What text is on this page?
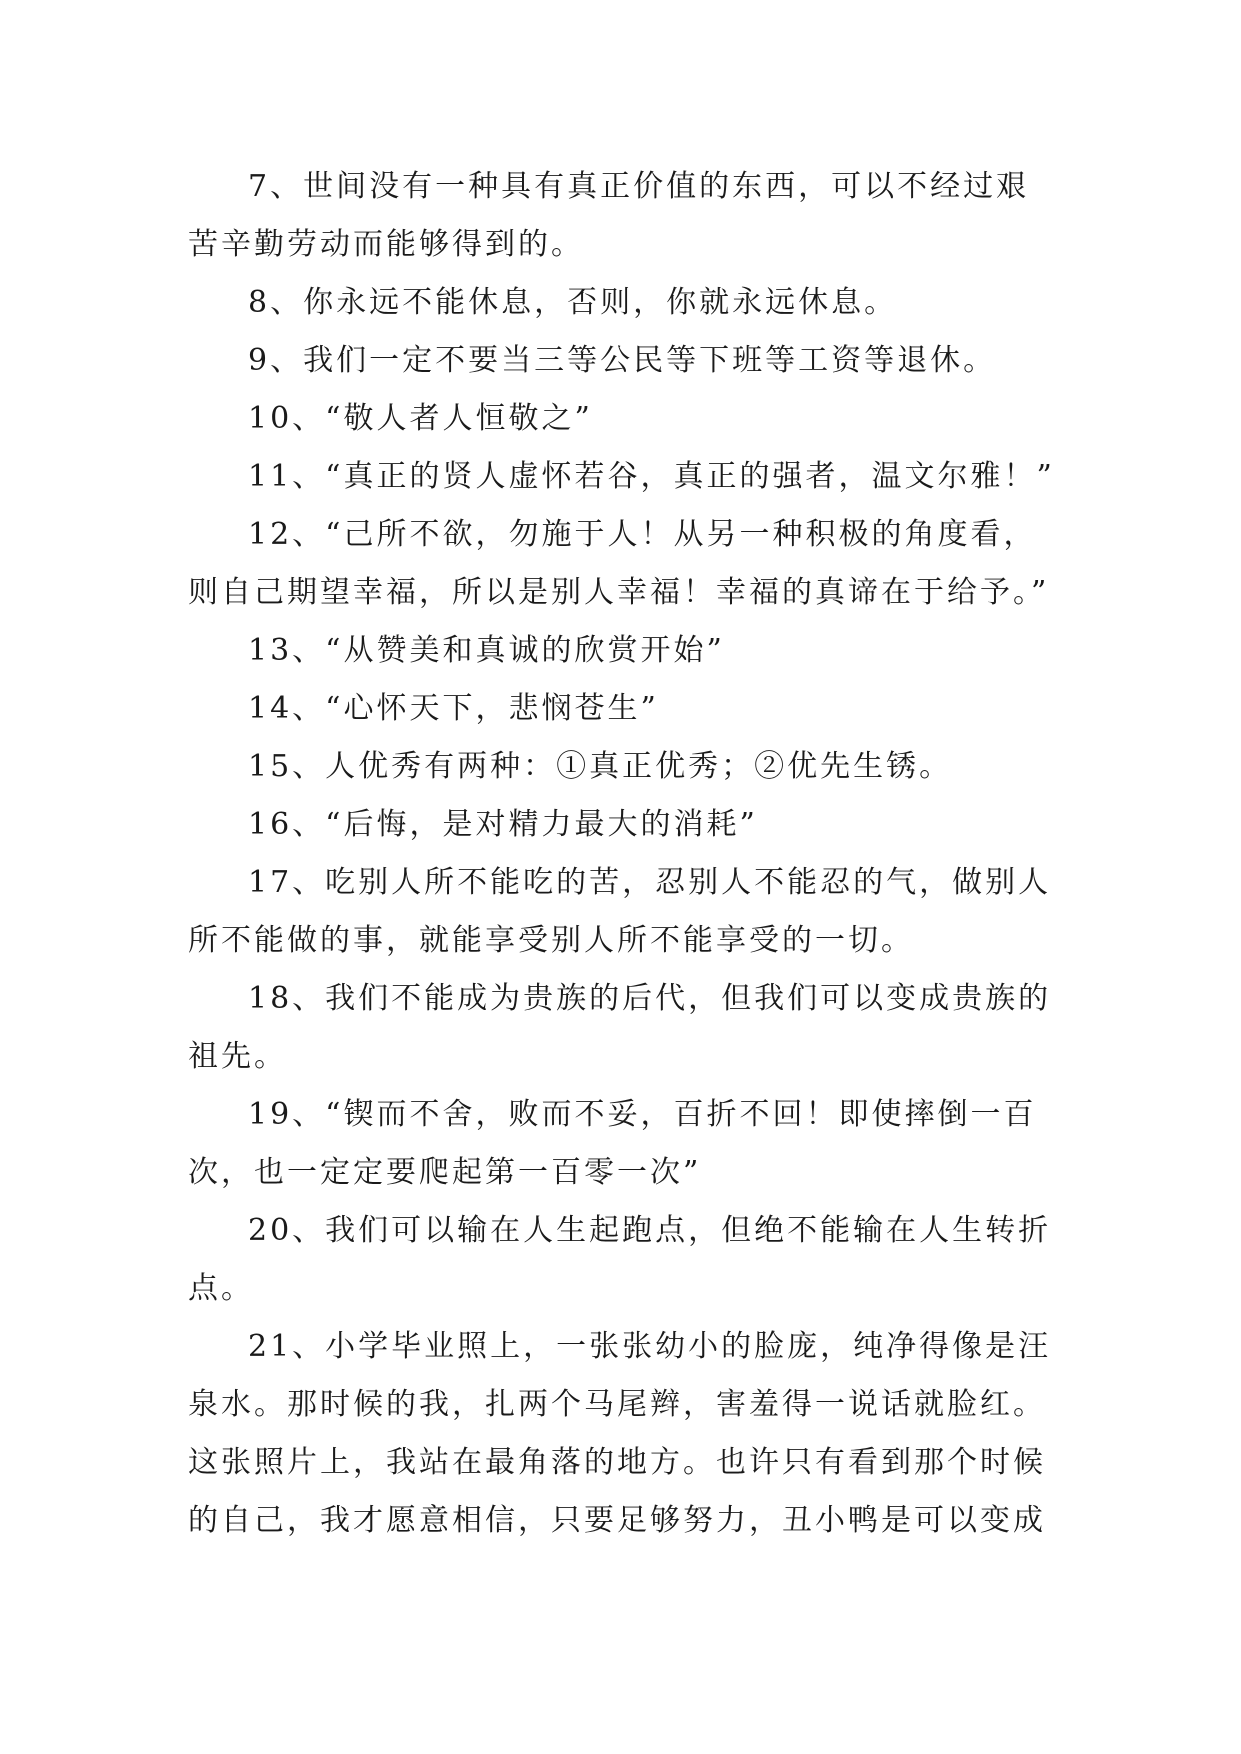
7、世间没有一种具有真正价值的东西，可以不经过艰苦辛勤劳动而能够得到的。

8、你永远不能休息，否则，你就永远休息。

9、我们一定不要当三等公民等下班等工资等退休。

10、“敬人者人恒敬之”

11、“真正的贤人虚怀若谷，真正的强者，温文尔雅！”

12、“己所不欲，勿施于人！从另一种积极的角度看，则自己期望幸福，所以是别人幸福！幸福的真谛在于给予。”

13、“从赞美和真诚的欣赏开始”

14、“心怀天下，悲悯苍生”

15、人优秀有两种：①真正优秀；②优先生锈。

16、“后悔，是对精力最大的消耗”

17、吃别人所不能吃的苦，忍别人不能忍的气，做别人所不能做的事，就能享受别人所不能享受的一切。

18、我们不能成为贵族的后代，但我们可以变成贵族的祖先。

19、“锲而不舍，败而不妥，百折不回！即使摔倒一百次，也一定定要爬起第一百零一次”

20、我们可以输在人生起跑点，但绝不能输在人生转折点。

21、小学毕业照上，一张张幼小的脸庞，纯净得像是汪泉水。那时候的我，扎两个马尾辫，害羞得一说话就脸红。这张照片上，我站在最角落的地方。也许只有看到那个时候的自己，我才愿意相信，只要足够努力，丑小鸭是可以变成
